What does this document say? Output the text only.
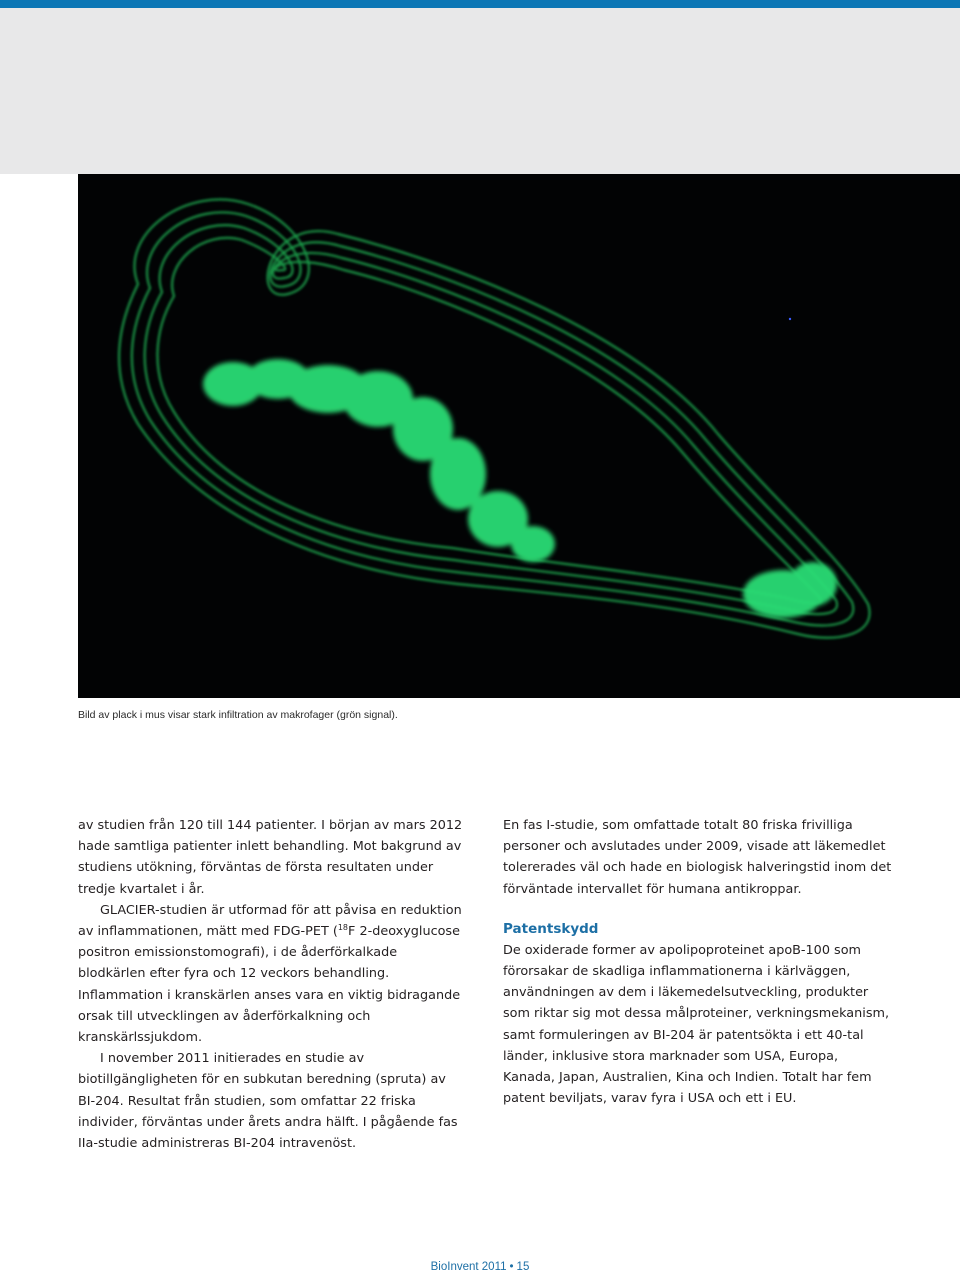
Bild av plack i mus visar stark infiltration av makrofager (grön signal).

av studien från 120 till 144 patienter. I början av mars 2012 hade samtliga patienter inlett behandling. Mot bakgrund av studiens utökning, förväntas de första resultaten under tredje kvartalet i år.

GLACIER-studien är utformad för att påvisa en reduktion av inflammationen, mätt med FDG-PET ($^{18}$F 2-deoxyglucose positron emissionstomografi), i de åderförkalkade blodkärlen efter fyra och 12 veckors behandling. Inflammation i kranskärlen anses vara en viktig bidragande orsak till utvecklingen av åderförkalkning och kranskärlssjukdom.

I november 2011 initierades en studie av biotillgängligheten för en subkutan beredning (spruta) av BI-204. Resultat från studien, som omfattar 22 friska individer, förväntas under årets andra hälft. I pågående fas IIa-studie administreras BI-204 intravenöst.

En fas I-studie, som omfattade totalt 80 friska frivilliga personer och avslutades under 2009, visade att läkemedlet tolererades väl och hade en biologisk halveringstid inom det förväntade intervallet för humana antikroppar.

Patentskydd

De oxiderade former av apolipoproteinet apoB-100 som förorsakar de skadliga inflammationerna i kärlväggen, användningen av dem i läkemedelsutveckling, produkter som riktar sig mot dessa målproteiner, verkningsmekanism, samt formuleringen av BI-204 är patentsökta i ett 40-tal länder, inklusive stora marknader som USA, Europa, Kanada, Japan, Australien, Kina och Indien. Totalt har fem patent beviljats, varav fyra i USA och ett i EU.

BioInvent 2011 • 15
